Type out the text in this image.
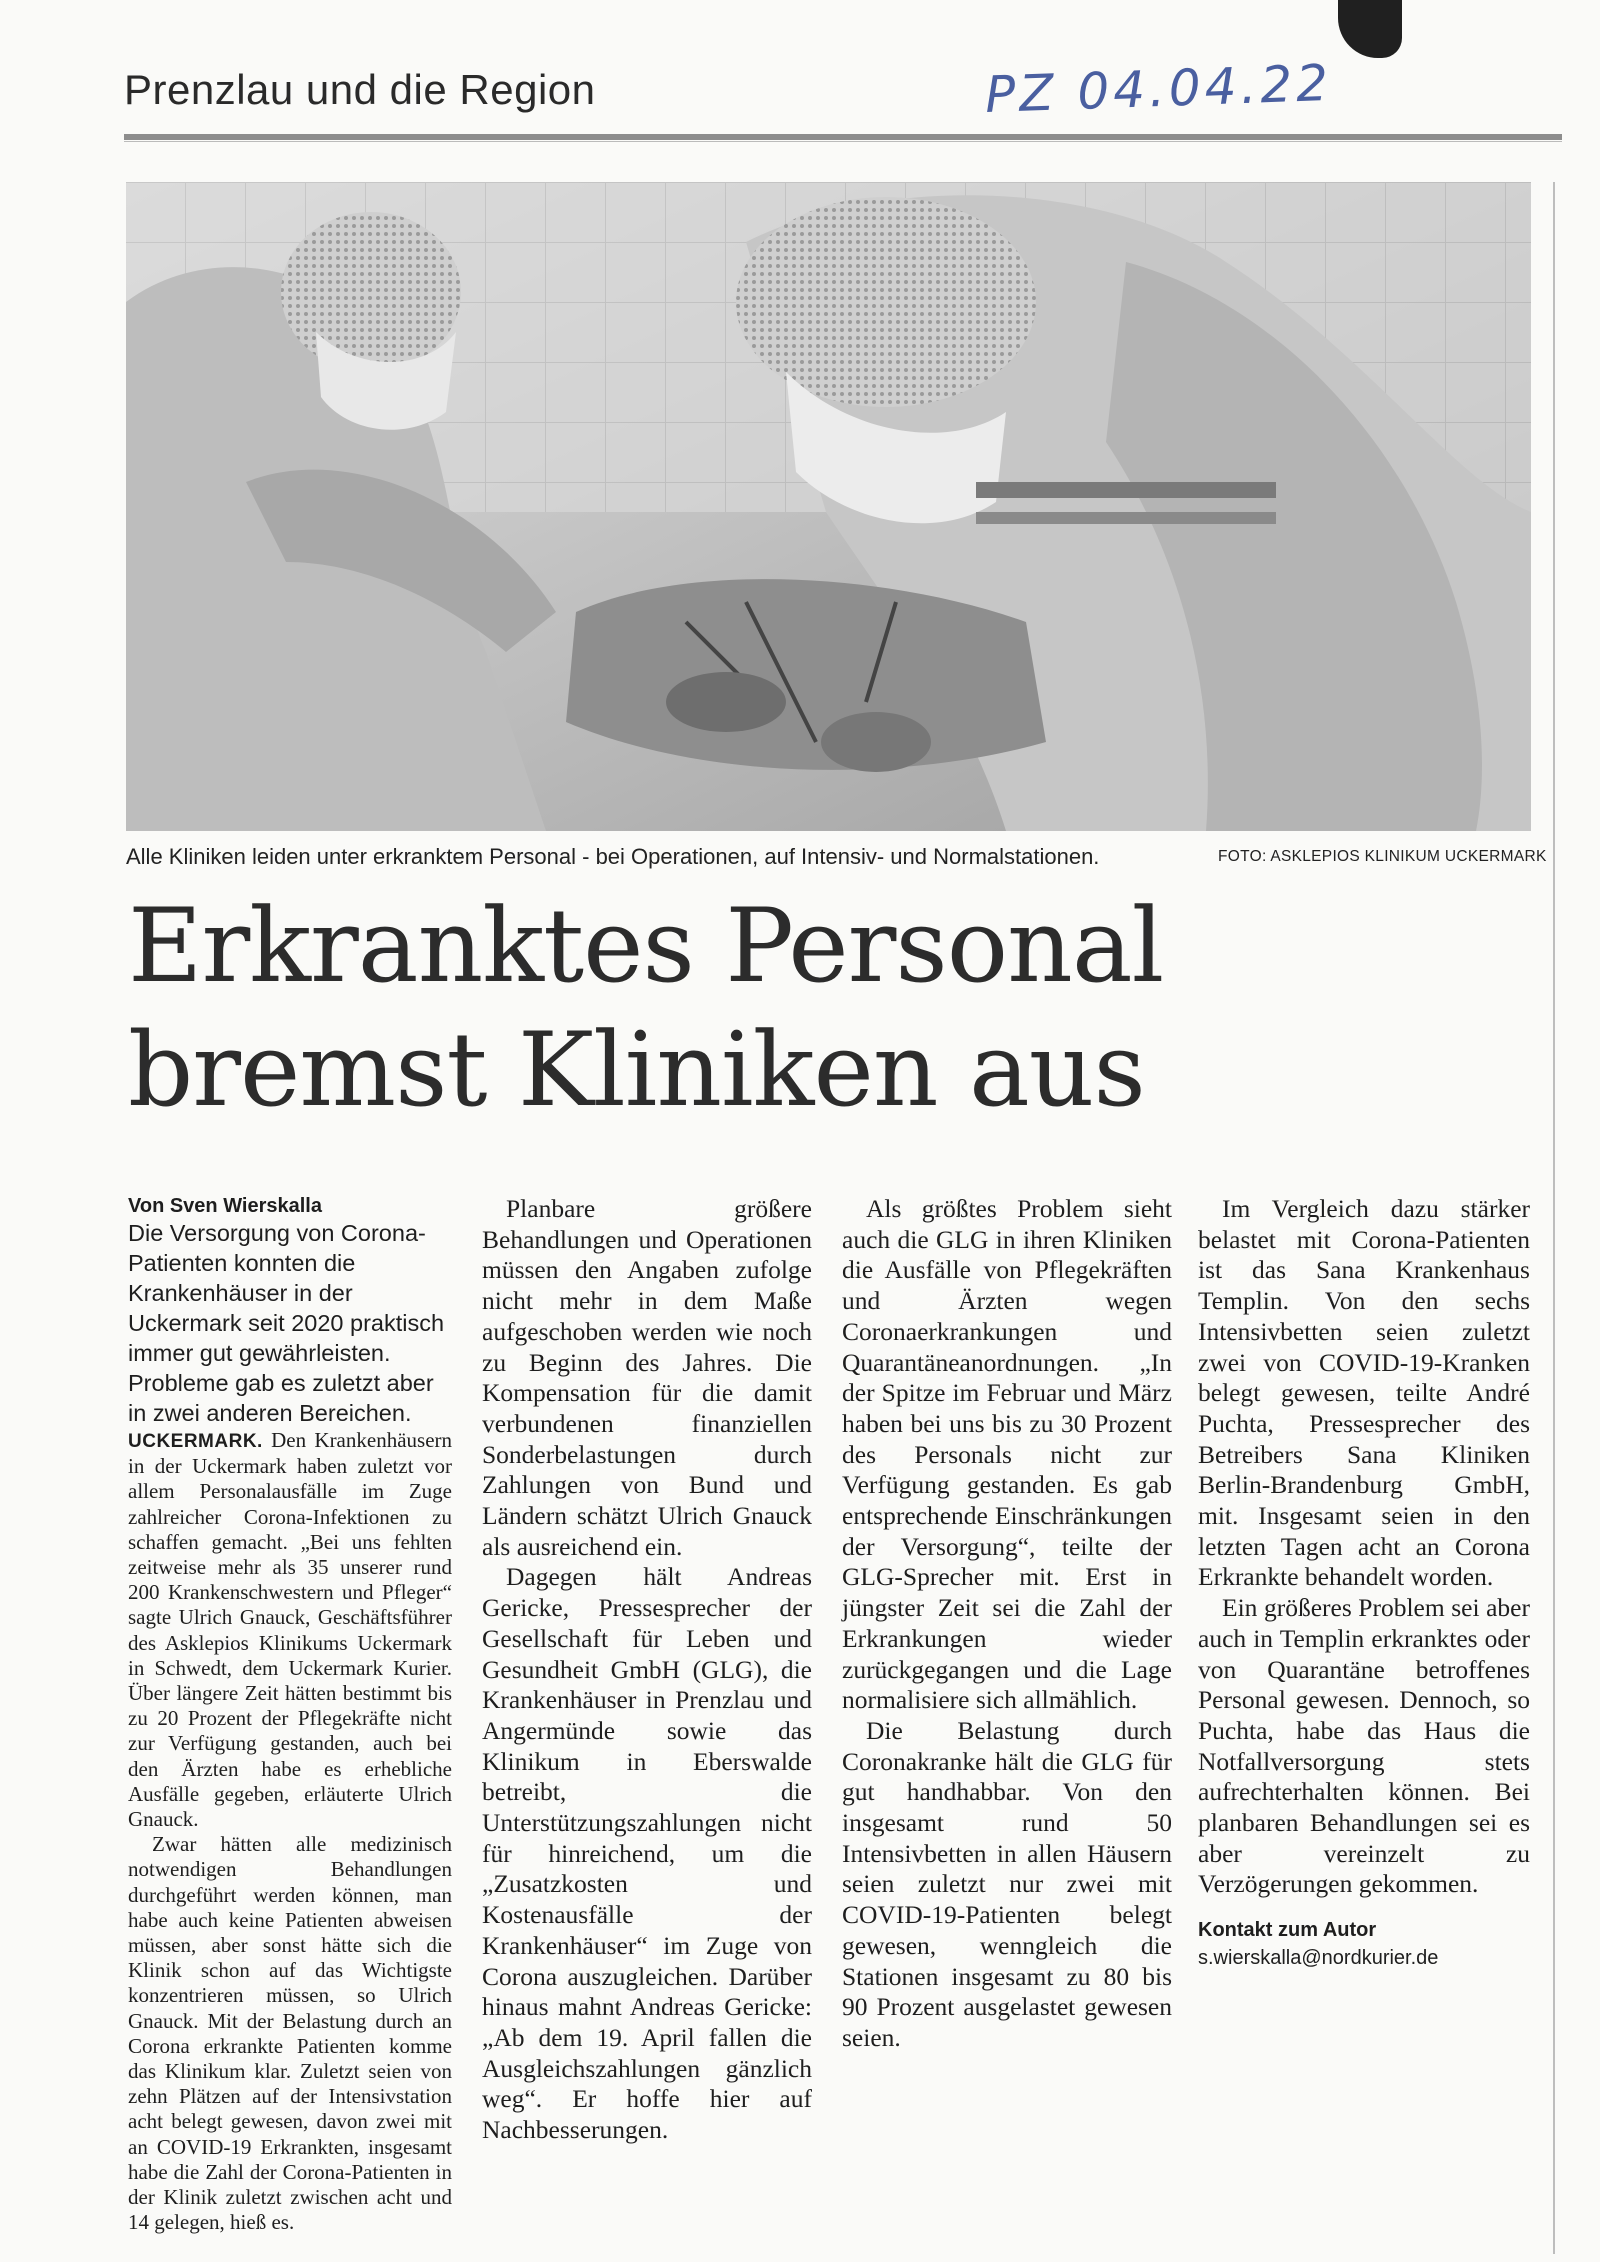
Prenzlau und die Region	PZ 04.04.22
Alle Kliniken leiden unter erkranktem Personal - bei Operationen, auf Intensiv- und Normalstationen.	FOTO: ASKLEPIOS KLINIKUM UCKERMARK
Erkranktes Personal
bremst Kliniken aus

Von Sven Wierskalla

Die Versorgung von Corona-Patienten konnten die Krankenhäuser in der Uckermark seit 2020 praktisch immer gut gewährleisten. Probleme gab es zuletzt aber in zwei anderen Bereichen.

UCKERMARK. Den Krankenhäusern in der Uckermark haben zuletzt vor allem Personalausfälle im Zuge zahlreicher Corona-Infektionen zu schaffen gemacht. „Bei uns fehlten zeitweise mehr als 35 unserer rund 200 Krankenschwestern und Pfleger“ sagte Ulrich Gnauck, Geschäftsführer des Asklepios Klinikums Uckermark in Schwedt, dem Uckermark Kurier. Über längere Zeit hätten bestimmt bis zu 20 Prozent der Pflegekräfte nicht zur Verfügung gestanden, auch bei den Ärzten habe es erhebliche Ausfälle gegeben, erläuterte Ulrich Gnauck.

Zwar hätten alle medizinisch notwendigen Behandlungen durchgeführt werden können, man habe auch keine Patienten abweisen müssen, aber sonst hätte sich die Klinik schon auf das Wichtigste konzentrieren müssen, so Ulrich Gnauck. Mit der Belastung durch an Corona erkrankte Patienten komme das Klinikum klar. Zuletzt seien von zehn Plätzen auf der Intensivstation acht belegt gewesen, davon zwei mit an COVID-19 Erkrankten, insgesamt habe die Zahl der Corona-Patienten in der Klinik zuletzt zwischen acht und 14 gelegen, hieß es.

Planbare größere Behandlungen und Operationen müssen den Angaben zufolge nicht mehr in dem Maße aufgeschoben werden wie noch zu Beginn des Jahres. Die Kompensation für die damit verbundenen finanziellen Sonderbelastungen durch Zahlungen von Bund und Ländern schätzt Ulrich Gnauck als ausreichend ein.

Dagegen hält Andreas Gericke, Pressesprecher der Gesellschaft für Leben und Gesundheit GmbH (GLG), die Krankenhäuser in Prenzlau und Angermünde sowie das Klinikum in Eberswalde betreibt, die Unterstützungszahlungen nicht für hinreichend, um die „Zusatzkosten und Kostenausfälle der Krankenhäuser“ im Zuge von Corona auszugleichen. Darüber hinaus mahnt Andreas Gericke: „Ab dem 19. April fallen die Ausgleichszahlungen gänzlich weg“. Er hoffe hier auf Nachbesserungen.

Als größtes Problem sieht auch die GLG in ihren Kliniken die Ausfälle von Pflegekräften und Ärzten wegen Coronaerkrankungen und Quarantäneanordnungen. „In der Spitze im Februar und März haben bei uns bis zu 30 Prozent des Personals nicht zur Verfügung gestanden. Es gab entsprechende Einschränkungen der Versorgung“, teilte der GLG-Sprecher mit. Erst in jüngster Zeit sei die Zahl der Erkrankungen wieder zurückgegangen und die Lage normalisiere sich allmählich.

Die Belastung durch Coronakranke hält die GLG für gut handhabbar. Von den insgesamt rund 50 Intensivbetten in allen Häusern seien zuletzt nur zwei mit COVID-19-Patienten belegt gewesen, wenngleich die Stationen insgesamt zu 80 bis 90 Prozent ausgelastet gewesen seien.

Im Vergleich dazu stärker belastet mit Corona-Patienten ist das Sana Krankenhaus Templin. Von den sechs Intensivbetten seien zuletzt zwei von COVID-19-Kranken belegt gewesen, teilte André Puchta, Pressesprecher des Betreibers Sana Kliniken Berlin-Brandenburg GmbH, mit. Insgesamt seien in den letzten Tagen acht an Corona Erkrankte behandelt worden.

Ein größeres Problem sei aber auch in Templin erkranktes oder von Quarantäne betroffenes Personal gewesen. Dennoch, so Puchta, habe das Haus die Notfallversorgung stets aufrechterhalten können. Bei planbaren Behandlungen sei es aber vereinzelt zu Verzögerungen gekommen.

Kontakt zum Autor
s.wierskalla@nordkurier.de
